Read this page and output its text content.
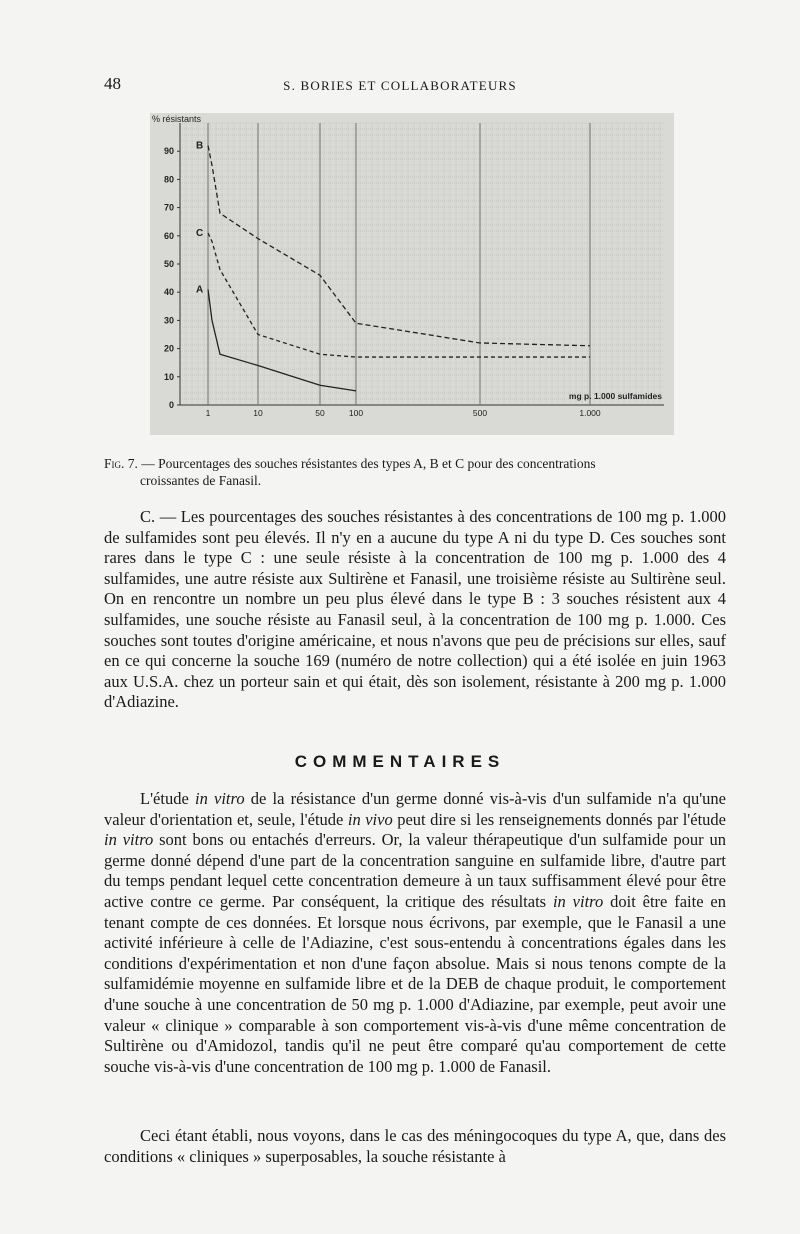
48	S. BORIES ET COLLABORATEURS
% résistants
90
80
70
60
50
40
30
20
10
0
1	10	50	100	500	1.000
mg p. 1.000 sulfamides
B
C
A
Fig. 7. — Pourcentages des souches résistantes des types A, B et C pour des concentrations
croissantes de Fanasil.

C. — Les pourcentages des souches résistantes à des concentrations de 100 mg p. 1.000 de sulfamides sont peu élevés. Il n'y en a aucune du type A ni du type D. Ces souches sont rares dans le type C : une seule résiste à la concentration de 100 mg p. 1.000 des 4 sulfamides, une autre résiste aux Sultirène et Fanasil, une troisième résiste au Sultirène seul. On en rencontre un nombre un peu plus élevé dans le type B : 3 souches résistent aux 4 sulfamides, une souche résiste au Fanasil seul, à la concentration de 100 mg p. 1.000. Ces souches sont toutes d'origine américaine, et nous n'avons que peu de précisions sur elles, sauf en ce qui concerne la souche 169 (numéro de notre collection) qui a été isolée en juin 1963 aux U.S.A. chez un porteur sain et qui était, dès son isolement, résistante à 200 mg p. 1.000 d'Adiazine.

COMMENTAIRES

L'étude in vitro de la résistance d'un germe donné vis-à-vis d'un sulfamide n'a qu'une valeur d'orientation et, seule, l'étude in vivo peut dire si les renseignements donnés par l'étude in vitro sont bons ou entachés d'erreurs. Or, la valeur thérapeutique d'un sulfamide pour un germe donné dépend d'une part de la concentration sanguine en sulfamide libre, d'autre part du temps pendant lequel cette concentration demeure à un taux suffisamment élevé pour être active contre ce germe. Par conséquent, la critique des résultats in vitro doit être faite en tenant compte de ces données. Et lorsque nous écrivons, par exemple, que le Fanasil a une activité inférieure à celle de l'Adiazine, c'est sous-entendu à concentrations égales dans les conditions d'expérimentation et non d'une façon absolue. Mais si nous tenons compte de la sulfamidémie moyenne en sulfamide libre et de la DEB de chaque produit, le comportement d'une souche à une concentration de 50 mg p. 1.000 d'Adiazine, par exemple, peut avoir une valeur « clinique » comparable à son comportement vis-à-vis d'une même concentration de Sultirène ou d'Amidozol, tandis qu'il ne peut être comparé qu'au comportement de cette souche vis-à-vis d'une concentration de 100 mg p. 1.000 de Fanasil.

Ceci étant établi, nous voyons, dans le cas des méningocoques du type A, que, dans des conditions « cliniques » superposables, la souche résistante à
